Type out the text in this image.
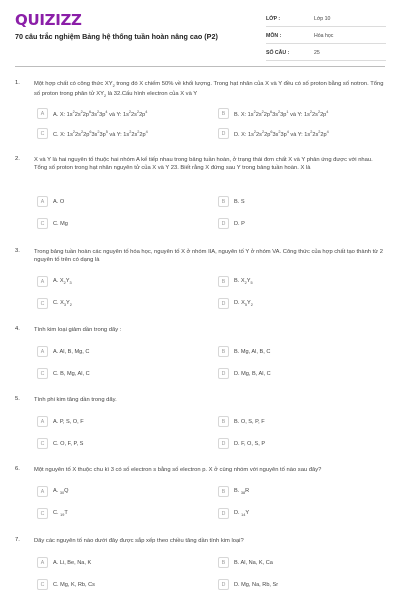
QUIZIZZ
70 câu trắc nghiệm Bảng hệ thống tuần hoàn nâng cao (P2)
LỚP :	Lớp 10
MÔN :	Hóa học
SỐ CÂU :	25
1. Một hợp chất có công thức $XY_2$ trong đó X chiếm 50% về khối lượng. Trong hạt nhân của X và Y đều có số proton bằng số notron. Tổng số proton trong phân tử $XY_2$ là 32.Cấu hình electron của X và Y
A	A. X: $1s^22s^22p^63s^23p^4$ và Y: $1s^22s^22p^4$	B	B. X: $1s^22s^22p^63s^23p^1$ và Y: $1s^22s^22p^4$
C	C. X: $1s^22s^22p^63s^23p^5$ và Y: $1s^22s^22p^4$	D	D. X: $1s^22s^22p^63s^23p^4$ và Y: $1s^22s^22p^4$
2. X và Y là hai nguyên tố thuộc hai nhóm A kế tiếp nhau trong bảng tuần hoàn, ở trạng thái đơn chất X và Y phản ứng được với nhau. Tổng số proton trong hạt nhân nguyên tử của X và Y 23. Biết rằng X đứng sau Y trong bảng tuần hoàn. X là
A	A. O	B	B. S
C	C. Mg	D	D. P
3. Trong bảng tuần hoàn các nguyên tố hóa học, nguyên tố X ở nhóm IIA, nguyên tố Y ở nhóm VA. Công thức của hợp chất tạo thành từ 2 nguyên tố trên có dạng là
A	A. $X_2Y_3$	B	B. $X_2Y_5$
C	C. $X_3Y_2$	D	D. $X_5Y_2$
4. Tính kim loại giảm dần trong dãy :
A	A. Al, B, Mg, C	B	B. Mg, Al, B, C
C	C. B, Mg, Al, C	D	D. Mg, B, Al, C
5. Tính phi kim tăng dần trong dãy.
A	A. P, S, O, F	B	B. O, S, P, F
C	C. O, F, P, S	D	D. F, O, S, P
6. Một nguyên tố X thuộc chu kì 3 có số electron s bằng số electron p. X ở cùng nhóm với nguyên tố nào sau đây?
A	A. $_{30}$Q	B	B. $_{38}$R
C	C. $_{19}$T	D	D. $_{14}$Y
7. Dãy các nguyên tố nào dưới đây được sắp xếp theo chiều tăng dần tính kim loại?
A	A. Li, Be, Na, K	B	B. Al, Na, K, Ca
C	C. Mg, K, Rb, Cs	D	D. Mg, Na, Rb, Sr
